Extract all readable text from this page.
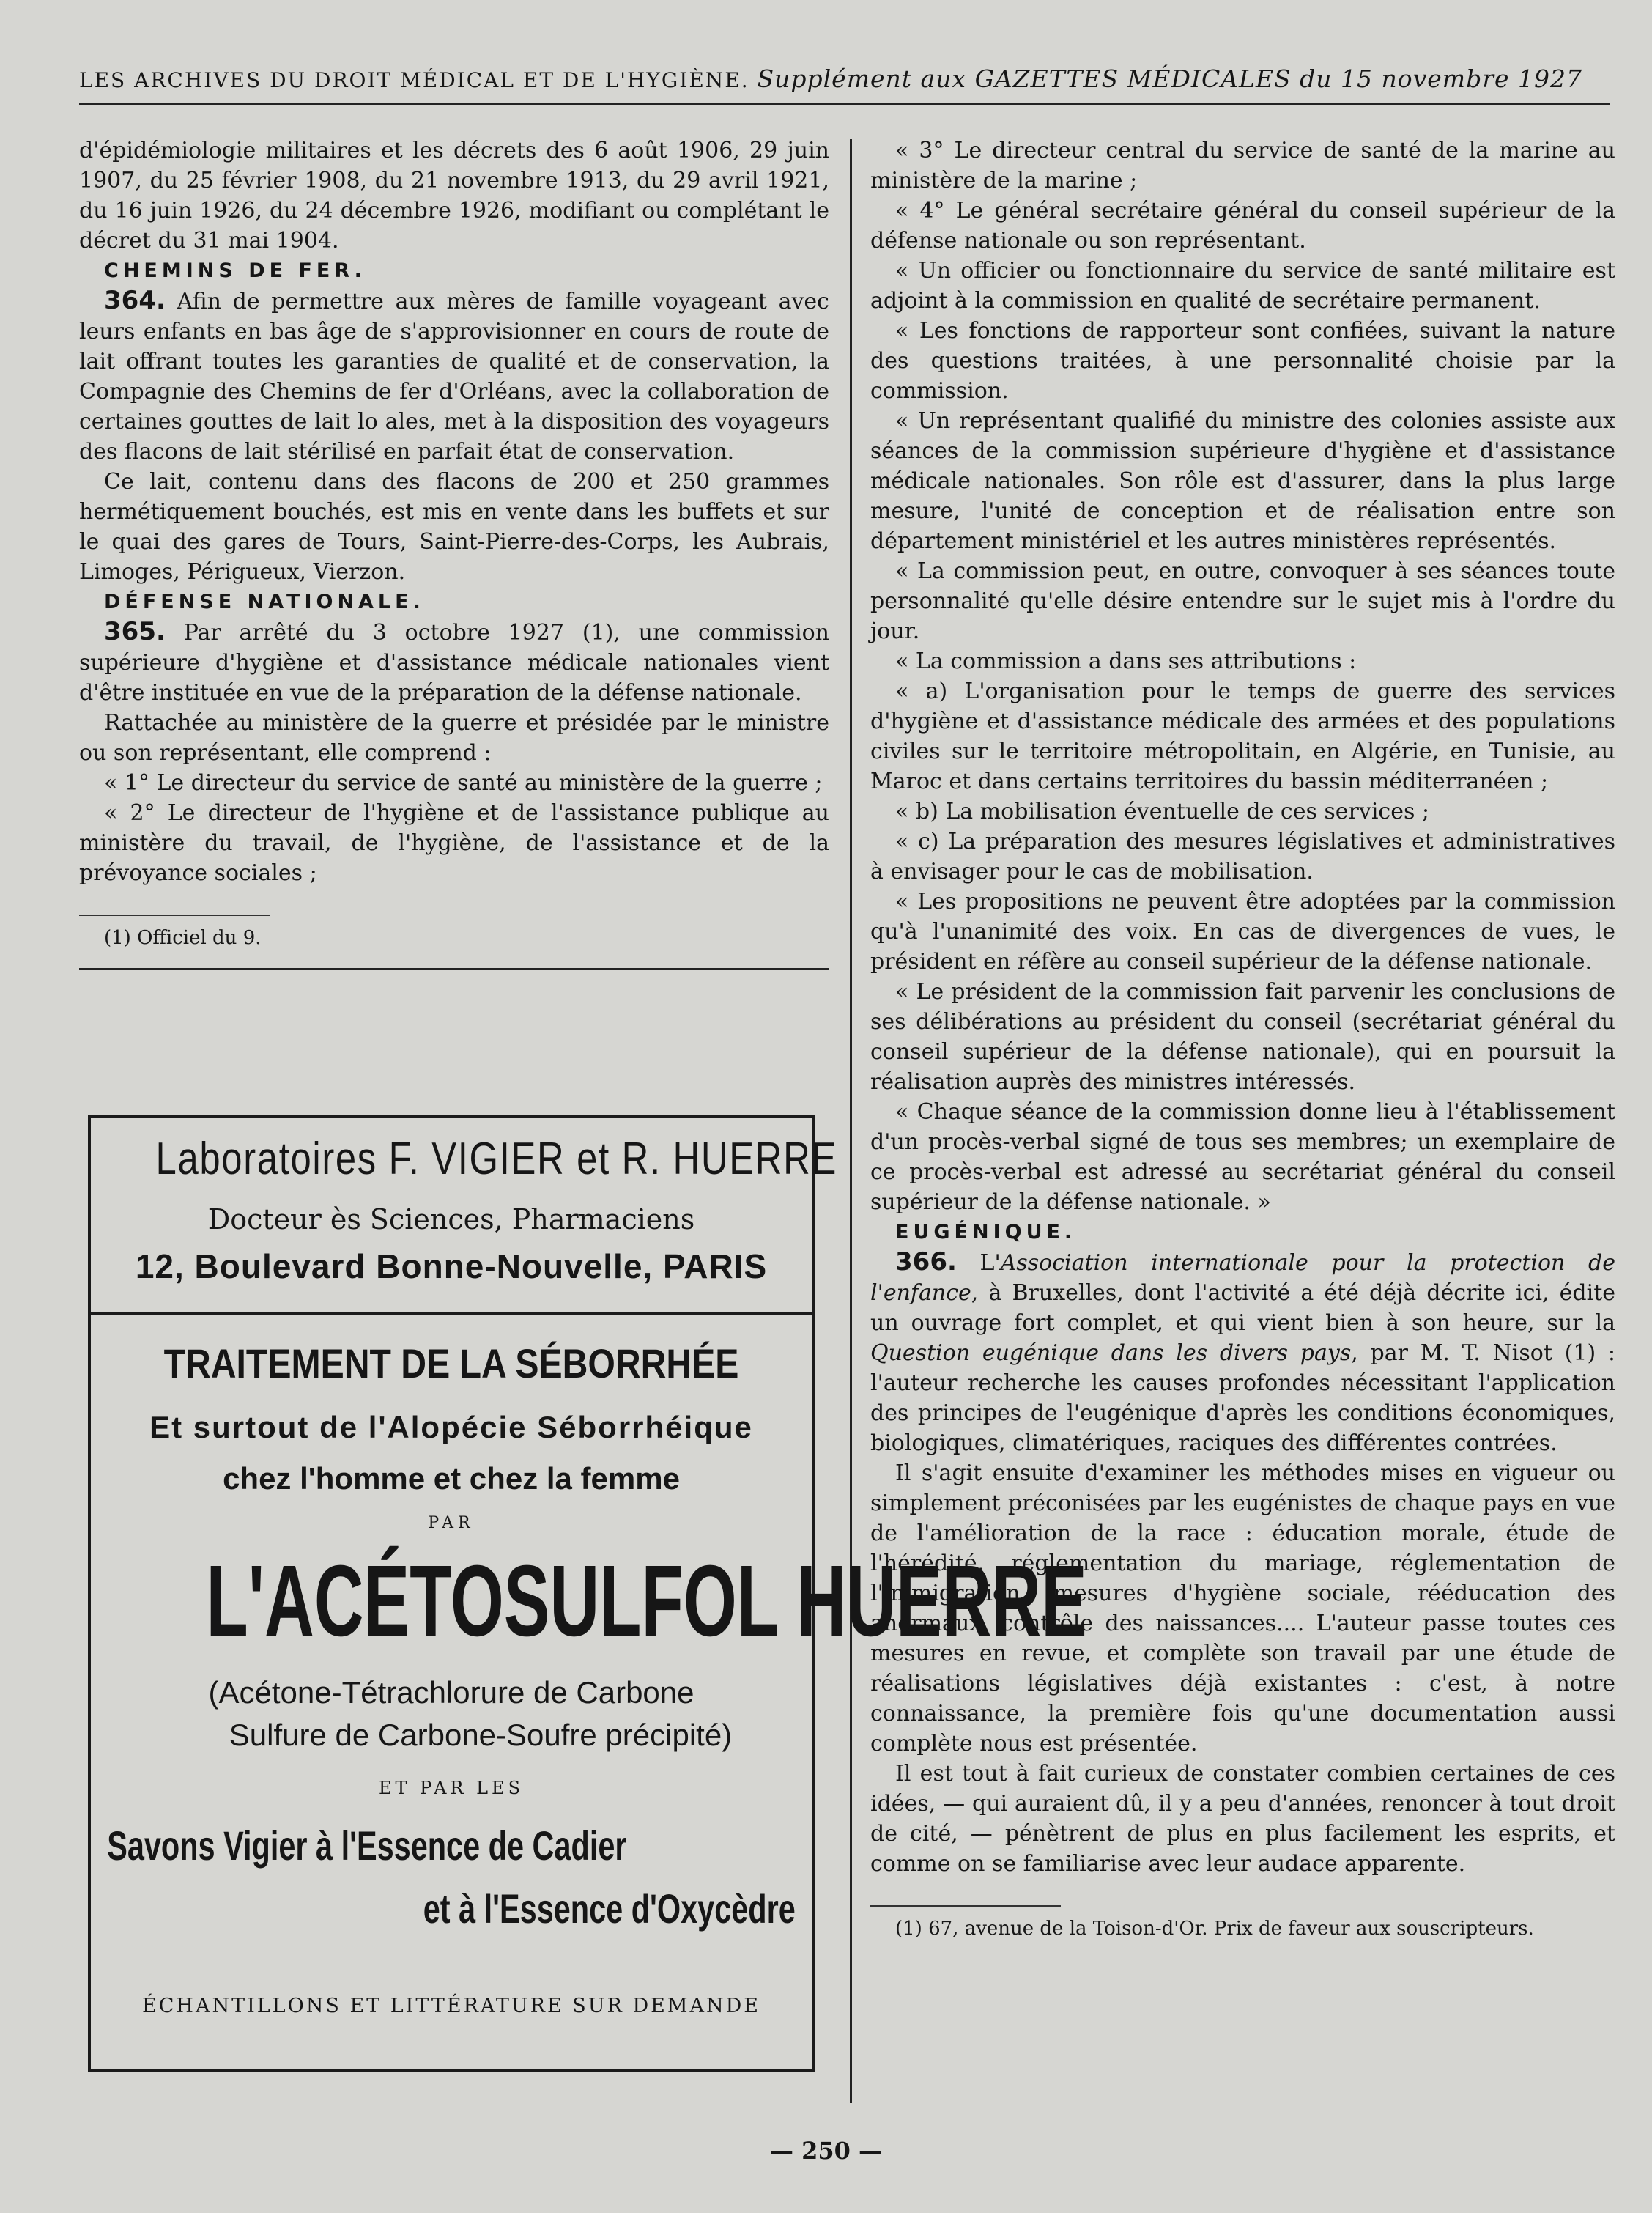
LES ARCHIVES DU DROIT MÉDICAL ET DE L'HYGIÈNE. Supplément aux GAZETTES MÉDICALES du 15 novembre 1927

d'épidémiologie militaires et les décrets des 6 août 1906, 29 juin 1907, du 25 février 1908, du 21 novembre 1913, du 29 avril 1921, du 16 juin 1926, du 24 décembre 1926, modifiant ou complétant le décret du 31 mai 1904.

CHEMINS DE FER.

364. Afin de permettre aux mères de famille voyageant avec leurs enfants en bas âge de s'approvisionner en cours de route de lait offrant toutes les garanties de qualité et de conservation, la Compagnie des Chemins de fer d'Orléans, avec la collaboration de certaines gouttes de lait lo ales, met à la disposition des voyageurs des flacons de lait stérilisé en parfait état de conservation.

Ce lait, contenu dans des flacons de 200 et 250 grammes hermétiquement bouchés, est mis en vente dans les buffets et sur le quai des gares de Tours, Saint-Pierre-des-Corps, les Aubrais, Limoges, Périgueux, Vierzon.

DÉFENSE NATIONALE.

365. Par arrêté du 3 octobre 1927 (1), une commission supérieure d'hygiène et d'assistance médicale nationales vient d'être instituée en vue de la préparation de la défense nationale.

Rattachée au ministère de la guerre et présidée par le ministre ou son représentant, elle comprend :

« 1° Le directeur du service de santé au ministère de la guerre ;

« 2° Le directeur de l'hygiène et de l'assistance publique au ministère du travail, de l'hygiène, de l'assistance et de la prévoyance sociales ;

(1) Officiel du 9.

Laboratoires F. VIGIER et R. HUERRE
Docteur ès Sciences, Pharmaciens
12, Boulevard Bonne-Nouvelle, PARIS
TRAITEMENT DE LA SÉBORRHÉE
Et surtout de l'Alopécie Séborrhéique
chez l'homme et chez la femme
PAR
L'ACÉTOSULFOL HUERRE
(Acétone-Tétrachlorure de Carbone
Sulfure de Carbone-Soufre précipité)
ET PAR LES
Savons Vigier à l'Essence de Cadier
et à l'Essence d'Oxycèdre
ÉCHANTILLONS ET LITTÉRATURE SUR DEMANDE

« 3° Le directeur central du service de santé de la marine au ministère de la marine ;

« 4° Le général secrétaire général du conseil supérieur de la défense nationale ou son représentant.

« Un officier ou fonctionnaire du service de santé militaire est adjoint à la commission en qualité de secrétaire permanent.

« Les fonctions de rapporteur sont confiées, suivant la nature des questions traitées, à une personnalité choisie par la commission.

« Un représentant qualifié du ministre des colonies assiste aux séances de la commission supérieure d'hygiène et d'assistance médicale nationales. Son rôle est d'assurer, dans la plus large mesure, l'unité de conception et de réalisation entre son département ministériel et les autres ministères représentés.

« La commission peut, en outre, convoquer à ses séances toute personnalité qu'elle désire entendre sur le sujet mis à l'ordre du jour.

« La commission a dans ses attributions :

« a) L'organisation pour le temps de guerre des services d'hygiène et d'assistance médicale des armées et des populations civiles sur le territoire métropolitain, en Algérie, en Tunisie, au Maroc et dans certains territoires du bassin méditerranéen ;

« b) La mobilisation éventuelle de ces services ;

« c) La préparation des mesures législatives et administratives à envisager pour le cas de mobilisation.

« Les propositions ne peuvent être adoptées par la commission qu'à l'unanimité des voix. En cas de divergences de vues, le président en réfère au conseil supérieur de la défense nationale.

« Le président de la commission fait parvenir les conclusions de ses délibérations au président du conseil (secrétariat général du conseil supérieur de la défense nationale), qui en poursuit la réalisation auprès des ministres intéressés.

« Chaque séance de la commission donne lieu à l'établissement d'un procès-verbal signé de tous ses membres; un exemplaire de ce procès-verbal est adressé au secrétariat général du conseil supérieur de la défense nationale. »

EUGÉNIQUE.

366. L'Association internationale pour la protection de l'enfance, à Bruxelles, dont l'activité a été déjà décrite ici, édite un ouvrage fort complet, et qui vient bien à son heure, sur la Question eugénique dans les divers pays, par M. T. Nisot (1) : l'auteur recherche les causes profondes nécessitant l'application des principes de l'eugénique d'après les conditions économiques, biologiques, climatériques, raciques des différentes contrées.

Il s'agit ensuite d'examiner les méthodes mises en vigueur ou simplement préconisées par les eugénistes de chaque pays en vue de l'amélioration de la race : éducation morale, étude de l'hérédité, réglementation du mariage, réglementation de l'immigration, mesures d'hygiène sociale, rééducation des anormaux, contrôle des naissances.... L'auteur passe toutes ces mesures en revue, et complète son travail par une étude de réalisations législatives déjà existantes : c'est, à notre connaissance, la première fois qu'une documentation aussi complète nous est présentée.

Il est tout à fait curieux de constater combien certaines de ces idées, — qui auraient dû, il y a peu d'années, renoncer à tout droit de cité, — pénètrent de plus en plus facilement les esprits, et comme on se familiarise avec leur audace apparente.

(1) 67, avenue de la Toison-d'Or. Prix de faveur aux souscripteurs.

— 250 —
